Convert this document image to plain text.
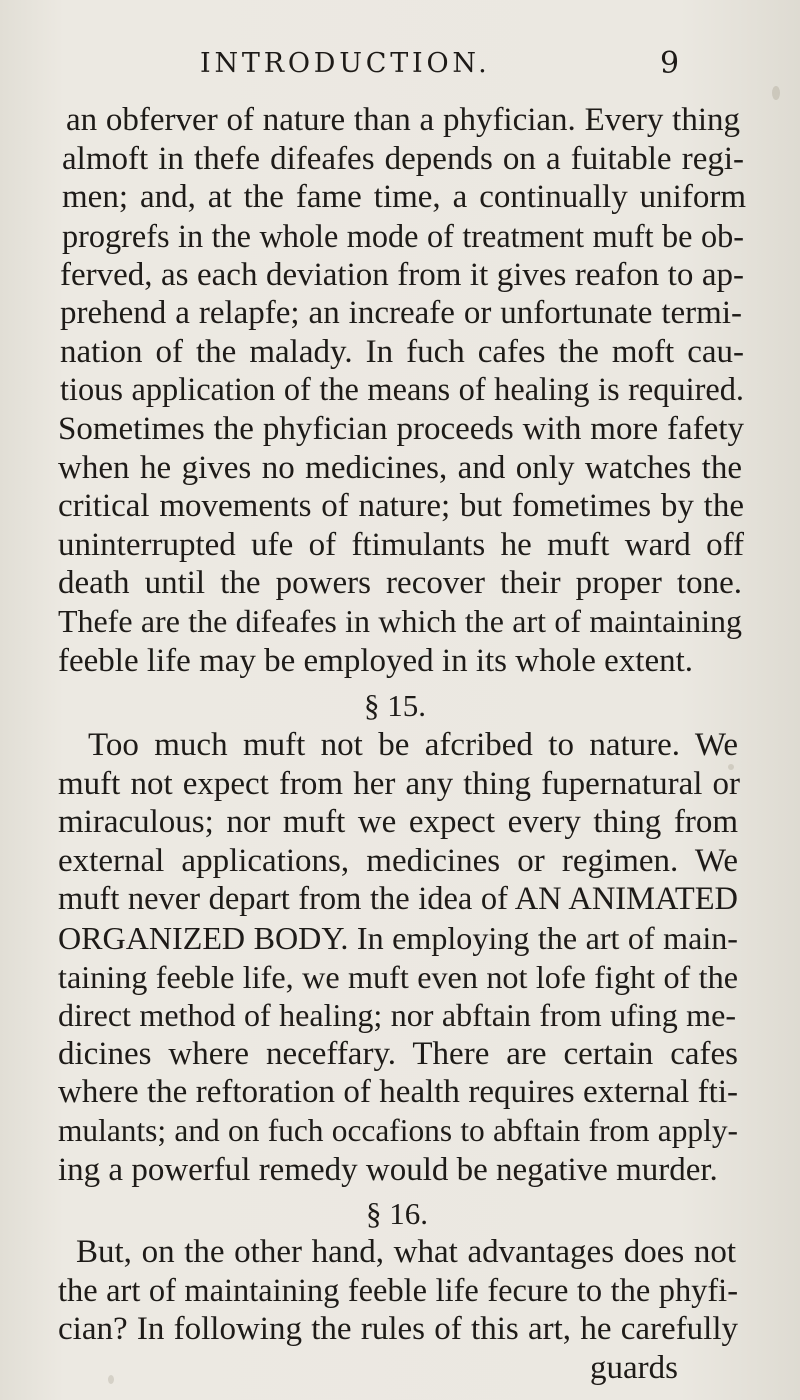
INTRODUCTION.	9
an obferver of nature than a phyfician. Every thing
almoft in thefe difeafes depends on a fuitable regi-
men; and, at the fame time, a continually uniform
progrefs in the whole mode of treatment muft be ob-
ferved, as each deviation from it gives reafon to ap-
prehend a relapfe; an increafe or unfortunate termi-
nation of the malady. In fuch cafes the moft cau-
tious application of the means of healing is required.
Sometimes the phyfician proceeds with more fafety
when he gives no medicines, and only watches the
critical movements of nature; but fometimes by the
uninterrupted ufe of ftimulants he muft ward off
death until the powers recover their proper tone.
Thefe are the difeafes in which the art of maintaining
feeble life may be employed in its whole extent.
§ 15.
Too much muft not be afcribed to nature. We
muft not expect from her any thing fupernatural or
miraculous; nor muft we expect every thing from
external applications, medicines or regimen. We
muft never depart from the idea of AN ANIMATED
ORGANIZED BODY. In employing the art of main-
taining feeble life, we muft even not lofe fight of the
direct method of healing; nor abftain from ufing me-
dicines where neceffary. There are certain cafes
where the reftoration of health requires external fti-
mulants; and on fuch occafions to abftain from apply-
ing a powerful remedy would be negative murder.
§ 16.
But, on the other hand, what advantages does not
the art of maintaining feeble life fecure to the phyfi-
cian? In following the rules of this art, he carefully
guards
